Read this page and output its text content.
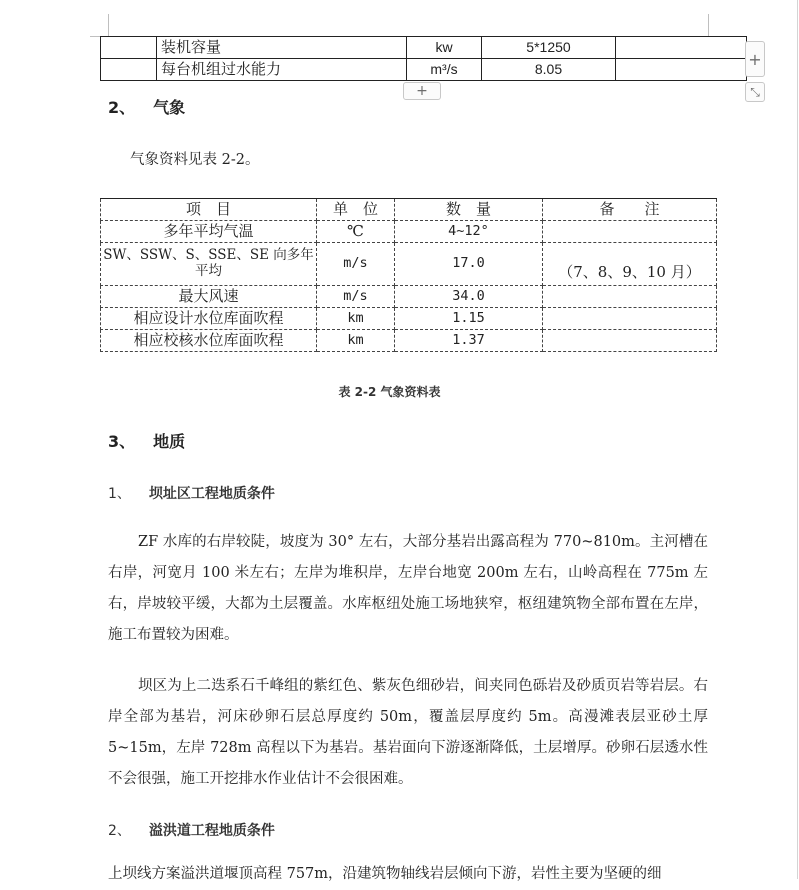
	装机容量	kw	5*1250	
	每台机组过水能力	m³/s	8.05	
+
+	⤡
2、 气象

气象资料见表 2-2。

项　目	单　位	数　量	备　　注
多年平均气温	℃	4~12°	
SW、SSW、S、SSE、SE 向多年平均	m/s	17.0	（7、8、9、10 月）
最大风速	m/s	34.0	
相应设计水位库面吹程	km	1.15	
相应校核水位库面吹程	km	1.37	
表 2-2 气象资料表
3、 地质
1、 坝址区工程地质条件

ZF 水库的右岸较陡，坡度为 30° 左右，大部分基岩出露高程为 770~810m。主河槽在右岸，河宽月 100 米左右；左岸为堆积岸，左岸台地宽 200m 左右，山岭高程在 775m 左右，岸坡较平缓，大都为土层覆盖。水库枢纽处施工场地狭窄，枢纽建筑物全部布置在左岸，施工布置较为困难。

坝区为上二迭系石千峰组的紫红色、紫灰色细砂岩，间夹同色砾岩及砂质页岩等岩层。右岸全部为基岩，河床砂卵石层总厚度约 50m，覆盖层厚度约 5m。高漫滩表层亚砂土厚 5~15m，左岸 728m 高程以下为基岩。基岩面向下游逐渐降低，土层增厚。砂卵石层透水性不会很强，施工开挖排水作业估计不会很困难。

2、 溢洪道工程地质条件

上坝线方案溢洪道堰顶高程 757m，沿建筑物轴线岩层倾向下游，岩性主要为坚硬的细
